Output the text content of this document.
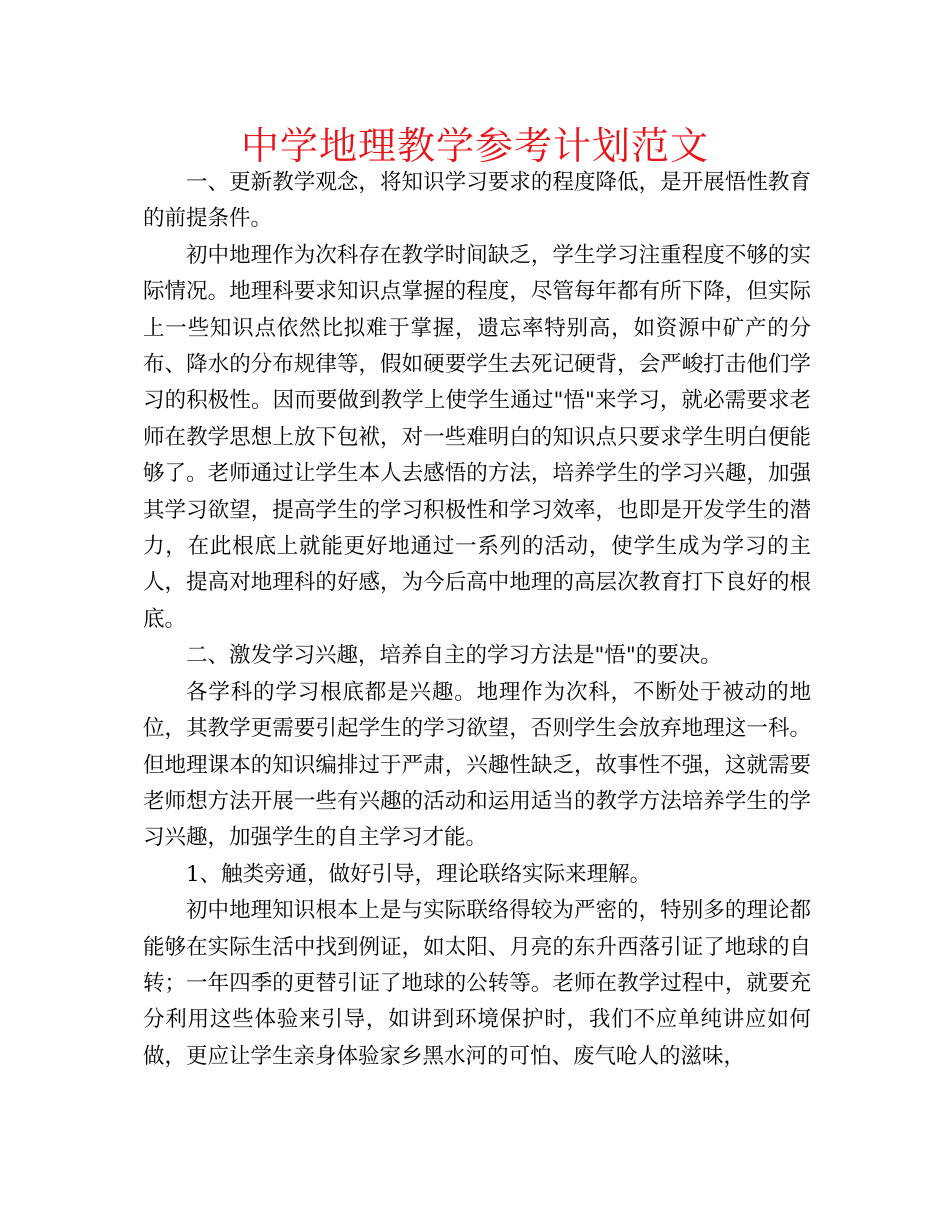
中学地理教学参考计划范文

一、更新教学观念，将知识学习要求的程度降低，是开展悟性教育的前提条件。

初中地理作为次科存在教学时间缺乏，学生学习注重程度不够的实际情况。地理科要求知识点掌握的程度，尽管每年都有所下降，但实际上一些知识点依然比拟难于掌握，遗忘率特别高，如资源中矿产的分布、降水的分布规律等，假如硬要学生去死记硬背，会严峻打击他们学习的积极性。因而要做到教学上使学生通过"悟"来学习，就必需要求老师在教学思想上放下包袱，对一些难明白的知识点只要求学生明白便能够了。老师通过让学生本人去感悟的方法，培养学生的学习兴趣，加强其学习欲望，提高学生的学习积极性和学习效率，也即是开发学生的潜力，在此根底上就能更好地通过一系列的活动，使学生成为学习的主人，提高对地理科的好感，为今后高中地理的高层次教育打下良好的根底。

二、激发学习兴趣，培养自主的学习方法是"悟"的要决。

各学科的学习根底都是兴趣。地理作为次科，不断处于被动的地位，其教学更需要引起学生的学习欲望，否则学生会放弃地理这一科。但地理课本的知识编排过于严肃，兴趣性缺乏，故事性不强，这就需要老师想方法开展一些有兴趣的活动和运用适当的教学方法培养学生的学习兴趣，加强学生的自主学习才能。

1、触类旁通，做好引导，理论联络实际来理解。

初中地理知识根本上是与实际联络得较为严密的，特别多的理论都能够在实际生活中找到例证，如太阳、月亮的东升西落引证了地球的自转；一年四季的更替引证了地球的公转等。老师在教学过程中，就要充分利用这些体验来引导，如讲到环境保护时，我们不应单纯讲应如何做，更应让学生亲身体验家乡黑水河的可怕、废气呛人的滋味，
